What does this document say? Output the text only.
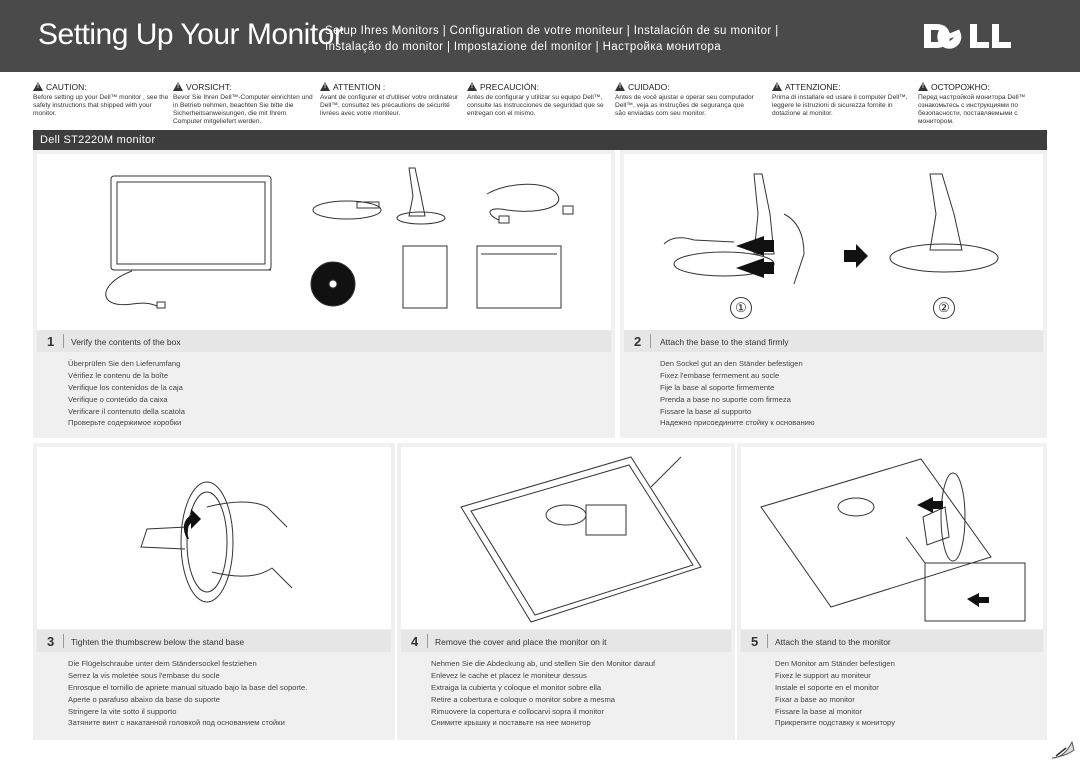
Setting Up Your Monitor
Setup Ihres Monitors | Configuration de votre moniteur | Instalación de su monitor |
Instalação do monitor | Impostazione del monitor | Настройка монитора
!
CAUTION:
Before setting up your Dell™ monitor , see the safety instructions that shipped with your monitor.
!
VORSICHT:
Bevor Sie Ihren Dell™-Computer einrichten und in Betrieb nehmen, beachten Sie bitte die Sicherheitsanweisungen, die mit Ihrem Computer mitgeliefert werden.
!
ATTENTION :
Avant de configurer et d'utiliser votre ordinateur Dell™, consultez les précautions de sécurité livrées avec votre moniteur.
!
PRECAUCIÓN:
Antes de configurar y utilizar su equipo Dell™, consulte las instrucciones de seguridad que se entregan con el mismo.
!
CUIDADO:
Antes de você ajustar e operar seu computador Dell™, veja as instruções de segurança que são enviadas com seu monitor.
!
ATTENZIONE:
Prima di installare ed usare il computer Dell™, leggere le istruzioni di sicurezza fornite in dotazione al monitor.
!
ОСТОРОЖНО:
Перед настройкой монитора Dell™ ознакомьтесь с инструкциями по безопасности, поставляемыми с монитором.
Dell ST2220M monitor
1 Verify the contents of the box
Überprüfen Sie den Lieferumfang
Vérifiez le contenu de la boîte
Verifique los contenidos de la caja
Verifique o conteúdo da caixa
Verificare il contenuto della scatola
Проверьте содержимое коробки
①	②
2 Attach the base to the stand firmly
Den Sockel gut an den Ständer befestigen
Fixez l'embase fermement au socle
Fije la base al soporte firmemente
Prenda a base no suporte com firmeza
Fissare la base al supporto
Надежно присоедините стойку к основанию
3 Tighten the thumbscrew below the stand base
Die Flügelschraube unter dem Ständersockel festziehen
Serrez la vis moletée sous l'embase du socle
Enrosque el tornillo de apriete manual situado bajo la base del soporte.
Aperte o parafuso abaixo da base do suporte
Stringere la vite sotto il supporto
Затяните винт с накатанной головкой под основанием стойки
4 Remove the cover and place the monitor on it
Nehmen Sie die Abdeckung ab, und stellen Sie den Monitor darauf
Enlevez le cache et placez le moniteur dessus
Extraiga la cubierta y coloque el monitor sobre ella
Retire a cobertura e coloque o monitor sobre a mesma
Rimuovere la copertura e collocarvi sopra il monitor
Снимите крышку и поставьте на нее монитор
5 Attach the stand to the monitor
Den Monitor am Ständer befestigen
Fixez le support au moniteur
Instale el soporte en el monitor
Fixar a base ao monitor
Fissare la base al monitor
Прикрепите подставку к монитору
